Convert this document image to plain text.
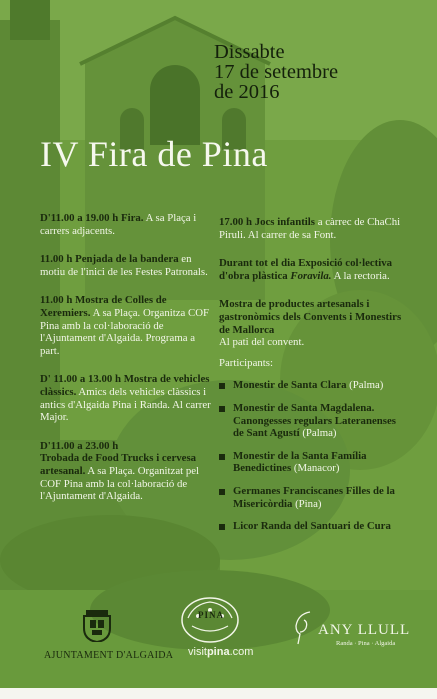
Dissabte
17 de setembre
de 2016
IV Fira de Pina
D'11.00 a 19.00 h Fira. A sa Plaça i carrers adjacents.
11.00 h Penjada de la bandera en motiu de l'inici de les Festes Patronals.
11.00 h Mostra de Colles de Xeremiers. A sa Plaça. Organitza COF Pina amb la col·laboració de l'Ajuntament d'Algaida. Programa a part.
D' 11.00 a 13.00 h Mostra de vehicles clàssics. Amics dels vehicles clàssics i antics d'Algaida Pina i Randa. Al carrer Major.
D'11.00 a 23.00 h
Trobada de Food Trucks i cervesa artesanal. A sa Plaça. Organitzat pel COF Pina amb la col·laboració de l'Ajuntament d'Algaida.
17.00 h Jocs infantils a càrrec de ChaChi Piruli. Al carrer de sa Font.
Durant tot el dia Exposició col·lectiva d'obra plàstica Foravila. A la rectoria.
Mostra de productes artesanals i gastronòmics dels Convents i Monestirs de Mallorca
Al pati del convent.
Participants:
Monestir de Santa Clara (Palma)
Monestir de Santa Magdalena. Canongesses regulars Lateranenses de Sant Agustí (Palma)
Monestir de la Santa Família Benedictines (Manacor)
Germanes Franciscanes Filles de la Misericòrdia (Pina)
Licor Randa del Santuari de Cura
AJUNTAMENT D'ALGAIDA
PINA
ANY LLULL
Randa · Pina · Algaida
visitpina.com
